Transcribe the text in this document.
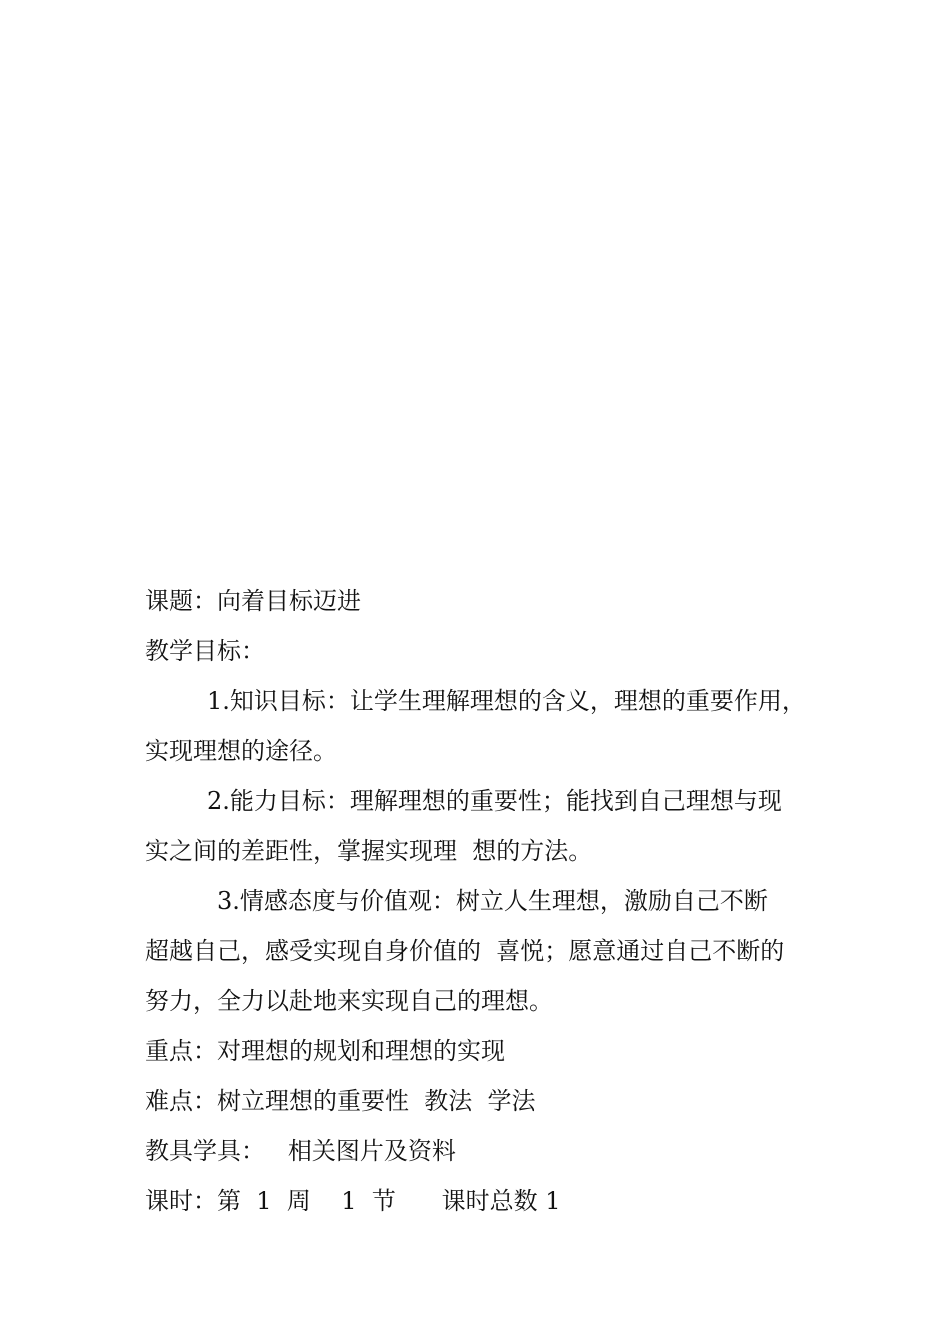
课题：向着目标迈进
教学目标：
1.知识目标：让学生理解理想的含义，理想的重要作用，
实现理想的途径。
2.能力目标：理解理想的重要性；能找到自己理想与现
实之间的差距性，掌握实现理  想的方法。
3.情感态度与价值观：树立人生理想，激励自己不断
超越自己，感受实现自身价值的  喜悦；愿意通过自己不断的
努力，全力以赴地来实现自己的理想。
重点：对理想的规划和理想的实现
难点：树立理想的重要性  教法  学法
教具学具：   相关图片及资料
课时：第  1  周    1  节      课时总数 1
